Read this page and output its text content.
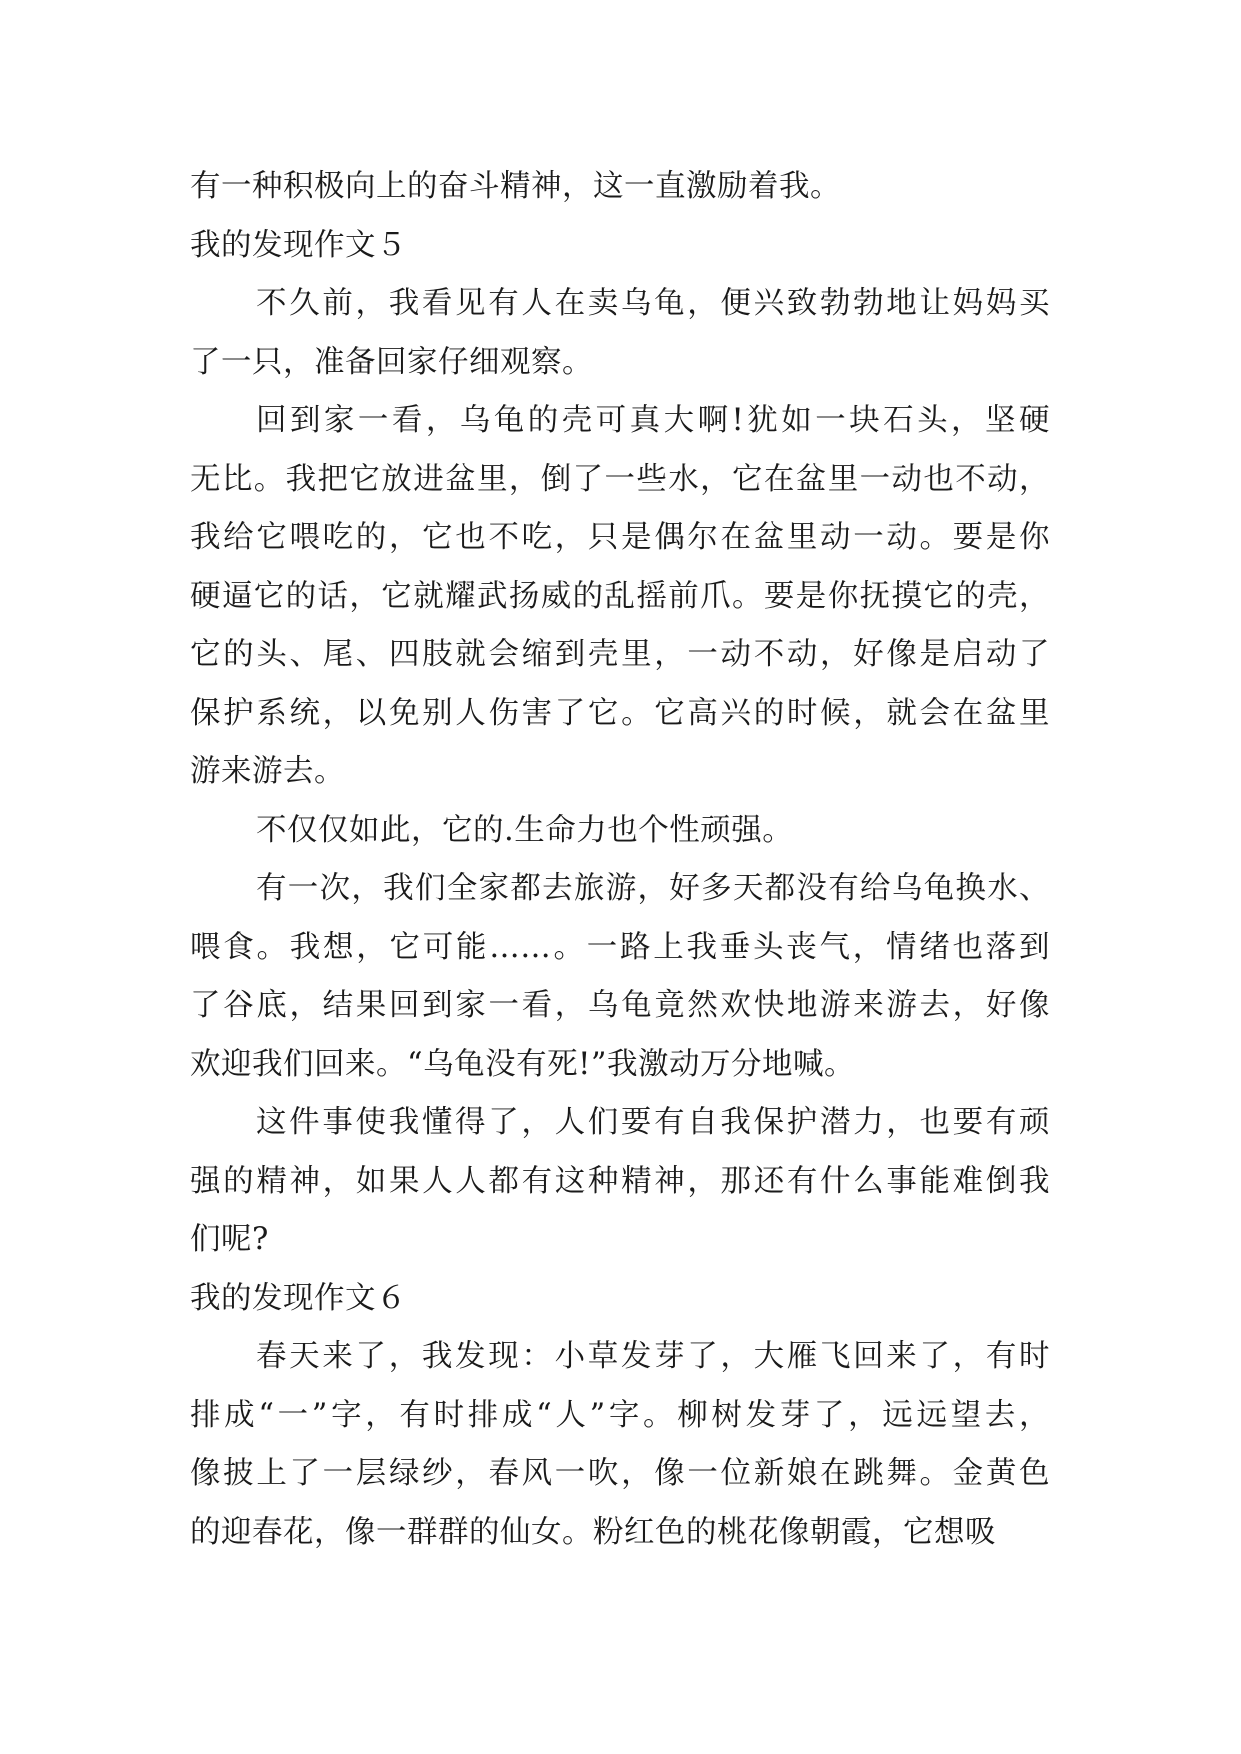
有一种积极向上的奋斗精神，这一直激励着我。
我的发现作文５
不久前，我看见有人在卖乌龟，便兴致勃勃地让妈妈买
了一只，准备回家仔细观察。
回到家一看，乌龟的壳可真大啊!犹如一块石头，坚硬
无比。我把它放进盆里，倒了一些水，它在盆里一动也不动，
我给它喂吃的，它也不吃，只是偶尔在盆里动一动。要是你
硬逼它的话，它就耀武扬威的乱摇前爪。要是你抚摸它的壳，
它的头、尾、四肢就会缩到壳里，一动不动，好像是启动了
保护系统，以免别人伤害了它。它高兴的时候，就会在盆里
游来游去。
不仅仅如此，它的.生命力也个性顽强。
有一次，我们全家都去旅游，好多天都没有给乌龟换水、
喂食。我想，它可能……。一路上我垂头丧气，情绪也落到
了谷底，结果回到家一看，乌龟竟然欢快地游来游去，好像
欢迎我们回来。“乌龟没有死!”我激动万分地喊。
这件事使我懂得了，人们要有自我保护潜力，也要有顽
强的精神，如果人人都有这种精神，那还有什么事能难倒我
们呢?
我的发现作文６
春天来了，我发现：小草发芽了，大雁飞回来了，有时
排成“一”字，有时排成“人”字。柳树发芽了，远远望去，
像披上了一层绿纱，春风一吹，像一位新娘在跳舞。金黄色
的迎春花，像一群群的仙女。粉红色的桃花像朝霞，它想吸
